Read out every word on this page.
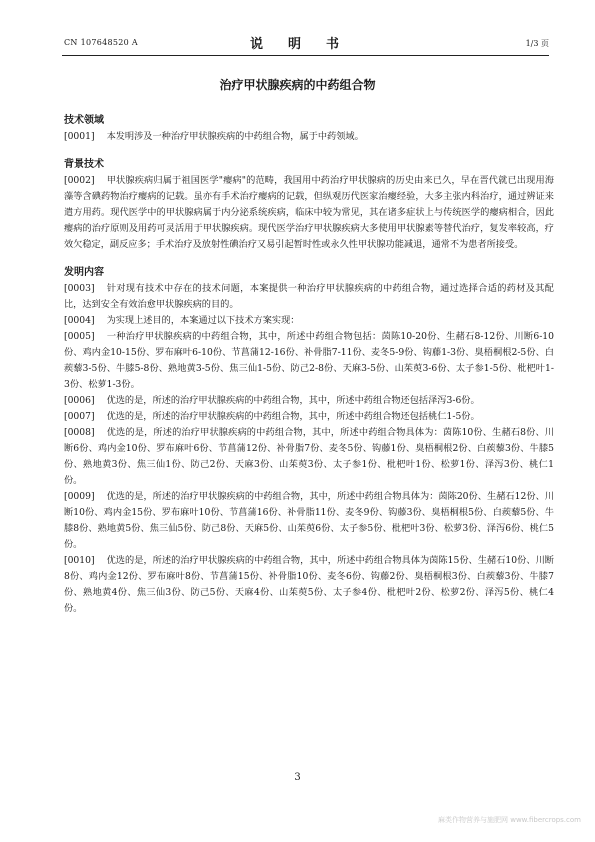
CN 107648520 A	说　明　书	1/3 页
治疗甲状腺疾病的中药组合物
技术领域
[0001] 本发明涉及一种治疗甲状腺疾病的中药组合物，属于中药领域。
背景技术
[0002] 甲状腺疾病归属于祖国医学"瘿病"的范畴，我国用中药治疗甲状腺病的历史由来已久，早在晋代就已出现用海藻等含碘药物治疗瘿病的记载。虽亦有手术治疗瘿病的记载，但纵观历代医家治瘿经验，大多主张内科治疗，通过辨证来遣方用药。现代医学中的甲状腺病属于内分泌系统疾病，临床中较为常见，其在诸多症状上与传统医学的瘿病相合，因此瘿病的治疗原则及用药可灵活用于甲状腺疾病。现代医学治疗甲状腺疾病大多使用甲状腺素等替代治疗，复发率较高，疗效欠稳定，副反应多；手术治疗及放射性碘治疗又易引起暂时性或永久性甲状腺功能减退，通常不为患者所接受。
发明内容
[0003] 针对现有技术中存在的技术问题，本案提供一种治疗甲状腺疾病的中药组合物，通过选择合适的药材及其配比，达到安全有效治愈甲状腺疾病的目的。
[0004] 为实现上述目的，本案通过以下技术方案实现：
[0005] 一种治疗甲状腺疾病的中药组合物，其中，所述中药组合物包括：茵陈10-20份、生赭石8-12份、川断6-10份、鸡内金10-15份、罗布麻叶6-10份、节菖蒲12-16份、补骨脂7-11份、麦冬5-9份、钩藤1-3份、臭梧桐根2-5份、白蒺藜3-5份、牛膝5-8份、熟地黄3-5份、焦三仙1-5份、防己2-8份、天麻3-5份、山茱萸3-6份、太子参1-5份、枇杷叶1-3份、松萝1-3份。
[0006] 优选的是，所述的治疗甲状腺疾病的中药组合物，其中，所述中药组合物还包括泽泻3-6份。
[0007] 优选的是，所述的治疗甲状腺疾病的中药组合物，其中，所述中药组合物还包括桃仁1-5份。
[0008] 优选的是，所述的治疗甲状腺疾病的中药组合物，其中，所述中药组合物具体为：茵陈10份、生赭石8份、川断6份、鸡内金10份、罗布麻叶6份、节菖蒲12份、补骨脂7份、麦冬5份、钩藤1份、臭梧桐根2份、白蒺藜3份、牛膝5份、熟地黄3份、焦三仙1份、防己2份、天麻3份、山茱萸3份、太子参1份、枇杷叶1份、松萝1份、泽泻3份、桃仁1份。
[0009] 优选的是，所述的治疗甲状腺疾病的中药组合物，其中，所述中药组合物具体为：茵陈20份、生赭石12份、川断10份、鸡内金15份、罗布麻叶10份、节菖蒲16份、补骨脂11份、麦冬9份、钩藤3份、臭梧桐根5份、白蒺藜5份、牛膝8份、熟地黄5份、焦三仙5份、防己8份、天麻5份、山茱萸6份、太子参5份、枇杷叶3份、松萝3份、泽泻6份、桃仁5份。
[0010] 优选的是，所述的治疗甲状腺疾病的中药组合物，其中，所述中药组合物具体为茵陈15份、生赭石10份、川断8份、鸡内金12份、罗布麻叶8份、节菖蒲15份、补骨脂10份、麦冬6份、钩藤2份、臭梧桐根3份、白蒺藜3份、牛膝7份、熟地黄4份、焦三仙3份、防己5份、天麻4份、山茱萸5份、太子参4份、枇杷叶2份、松萝2份、泽泻5份、桃仁4份。
3
麻类作物营养与施肥网 www.fibercrops.com
